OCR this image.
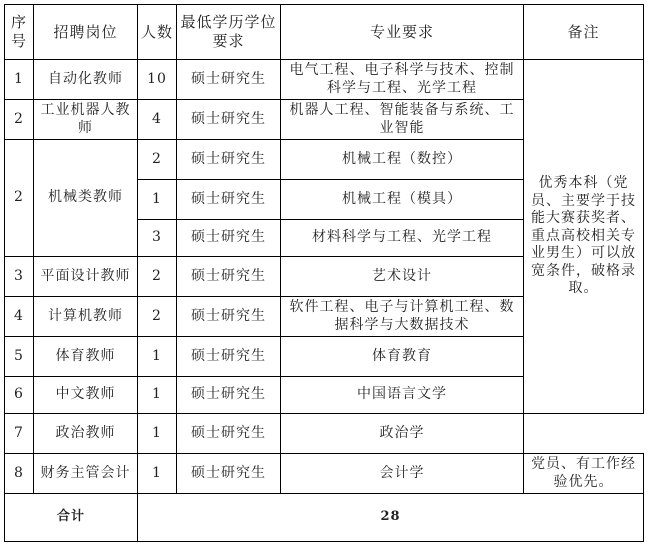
序号	招聘岗位	人数	最低学历学位要求	专业要求	备注
1	自动化教师	10	硕士研究生	电气工程、电子科学与技术、控制科学与工程、光学工程	优秀本科（党员、主要学于技能大赛获奖者、重点高校相关专业男生）可以放宽条件，破格录取。
2	工业机器人教师	4	硕士研究生	机器人工程、智能装备与系统、工业智能	
2	机械类教师	2	硕士研究生	机械工程（数控）	
		1	硕士研究生	机械工程（模具）	
		3	硕士研究生	材料科学与工程、光学工程	
3	平面设计教师	2	硕士研究生	艺术设计	
4	计算机教师	2	硕士研究生	软件工程、电子与计算机工程、数据科学与大数据技术	
5	体育教师	1	硕士研究生	体育教育	
6	中文教师	1	硕士研究生	中国语言文学	
7	政治教师	1	硕士研究生	政治学	
8	财务主管会计	1	硕士研究生	会计学	党员、有工作经验优先。
合计		28			
